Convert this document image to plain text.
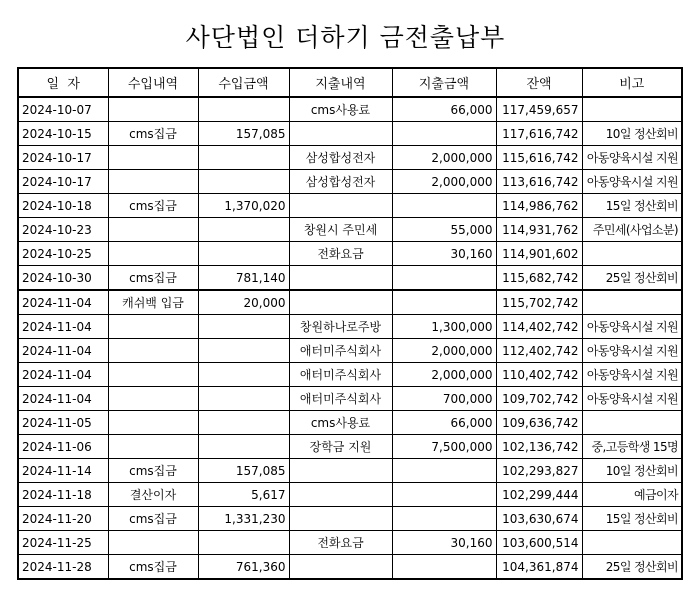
사단법인 더하기 금전출납부
일  자	수입내역	수입금액	지출내역	지출금액	잔액	비고
2024-10-07			cms사용료	66,000	117,459,657	
2024-10-15	cms집금	157,085			117,616,742	10일 정산회비
2024-10-17			삼성합성전자	2,000,000	115,616,742	아동양육시설 지원
2024-10-17			삼성합성전자	2,000,000	113,616,742	아동양육시설 지원
2024-10-18	cms집금	1,370,020			114,986,762	15일 정산회비
2024-10-23			창원시 주민세	55,000	114,931,762	주민세(사업소분)
2024-10-25			전화요금	30,160	114,901,602	
2024-10-30	cms집금	781,140			115,682,742	25일 정산회비
2024-11-04	캐쉬백 입금	20,000			115,702,742	
2024-11-04			창원하나로주방	1,300,000	114,402,742	아동양육시설 지원
2024-11-04			애터미주식회사	2,000,000	112,402,742	아동양육시설 지원
2024-11-04			애터미주식회사	2,000,000	110,402,742	아동양육시설 지원
2024-11-04			애터미주식회사	700,000	109,702,742	아동양육시설 지원
2024-11-05			cms사용료	66,000	109,636,742	
2024-11-06			장학금 지원	7,500,000	102,136,742	중,고등학생 15명
2024-11-14	cms집금	157,085			102,293,827	10일 정산회비
2024-11-18	결산이자	5,617			102,299,444	예금이자
2024-11-20	cms집금	1,331,230			103,630,674	15일 정산회비
2024-11-25			전화요금	30,160	103,600,514	
2024-11-28	cms집금	761,360			104,361,874	25일 정산회비
